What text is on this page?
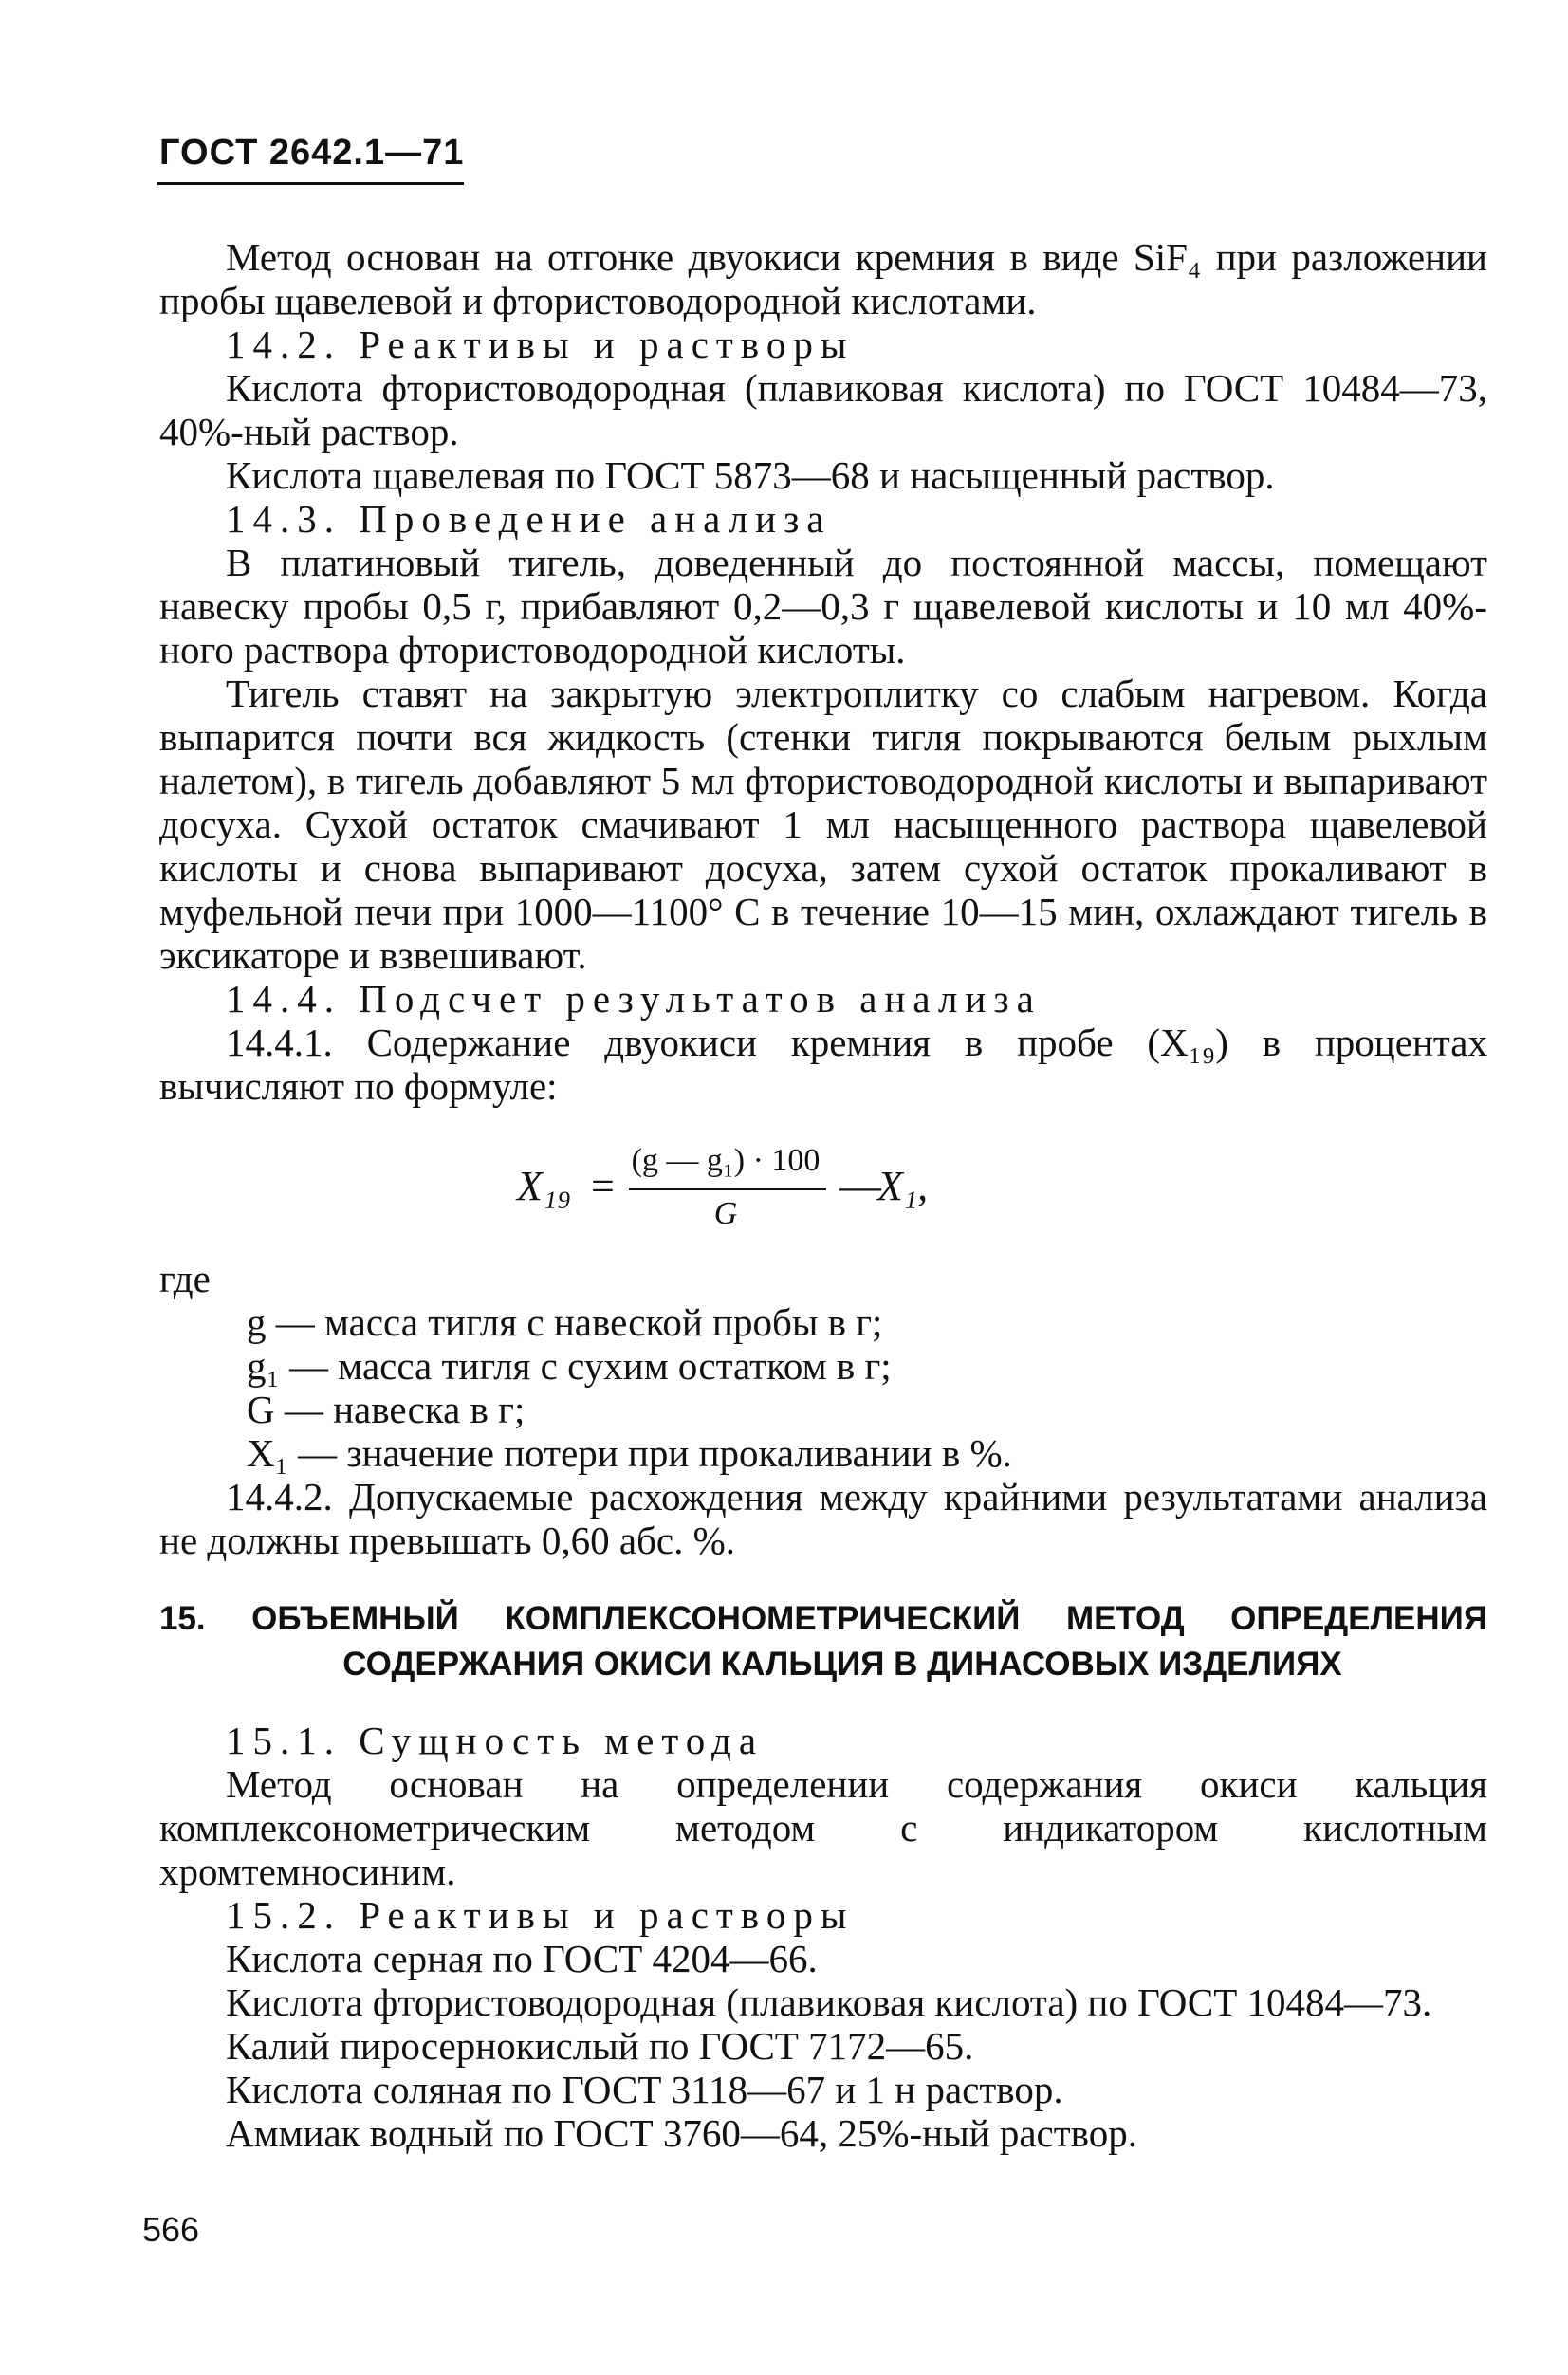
ГОСТ 2642.1—71

Метод основан на отгонке двуокиси кремния в виде SiF₄ при разложении пробы щавелевой и фтористоводородной кислотами.

14.2. Реактивы и растворы

Кислота фтористоводородная (плавиковая кислота) по ГОСТ 10484—73, 40%-ный раствор.

Кислота щавелевая по ГОСТ 5873—68 и насыщенный раствор.

14.3. Проведение анализа

В платиновый тигель, доведенный до постоянной массы, помещают навеску пробы 0,5 г, прибавляют 0,2—0,3 г щавелевой кислоты и 10 мл 40%-ного раствора фтористоводородной кислоты.

Тигель ставят на закрытую электроплитку со слабым нагревом. Когда выпарится почти вся жидкость (стенки тигля покрываются белым рыхлым налетом), в тигель добавляют 5 мл фтористоводородной кислоты и выпаривают досуха. Сухой остаток смачивают 1 мл насыщенного раствора щавелевой кислоты и снова выпаривают досуха, затем сухой остаток прокаливают в муфельной печи при 1000—1100° C в течение 10—15 мин, охлаждают тигель в эксикаторе и взвешивают.

14.4. Подсчет результатов анализа

14.4.1. Содержание двуокиси кремния в пробе (X₁₉) в процентах вычисляют по формуле:

X₁₉ =
(g — g₁) · 100
G
—
X₁,

где

g — масса тигля с навеской пробы в г;

g₁ — масса тигля с сухим остатком в г;

G — навеска в г;

X₁ — значение потери при прокаливании в %.

14.4.2. Допускаемые расхождения между крайними результатами анализа не должны превышать 0,60 абс. %.

15. ОБЪЕМНЫЙ КОМПЛЕКСОНОМЕТРИЧЕСКИЙ МЕТОД ОПРЕДЕЛЕНИЯ

СОДЕРЖАНИЯ ОКИСИ КАЛЬЦИЯ В ДИНАСОВЫХ ИЗДЕЛИЯХ

15.1. Сущность метода

Метод основан на определении содержания окиси кальция комплексонометрическим методом с индикатором кислотным хромтемносиним.

15.2. Реактивы и растворы

Кислота серная по ГОСТ 4204—66.

Кислота фтористоводородная (плавиковая кислота) по ГОСТ 10484—73.

Калий пиросернокислый по ГОСТ 7172—65.

Кислота соляная по ГОСТ 3118—67 и 1 н раствор.

Аммиак водный по ГОСТ 3760—64, 25%-ный раствор.

566
